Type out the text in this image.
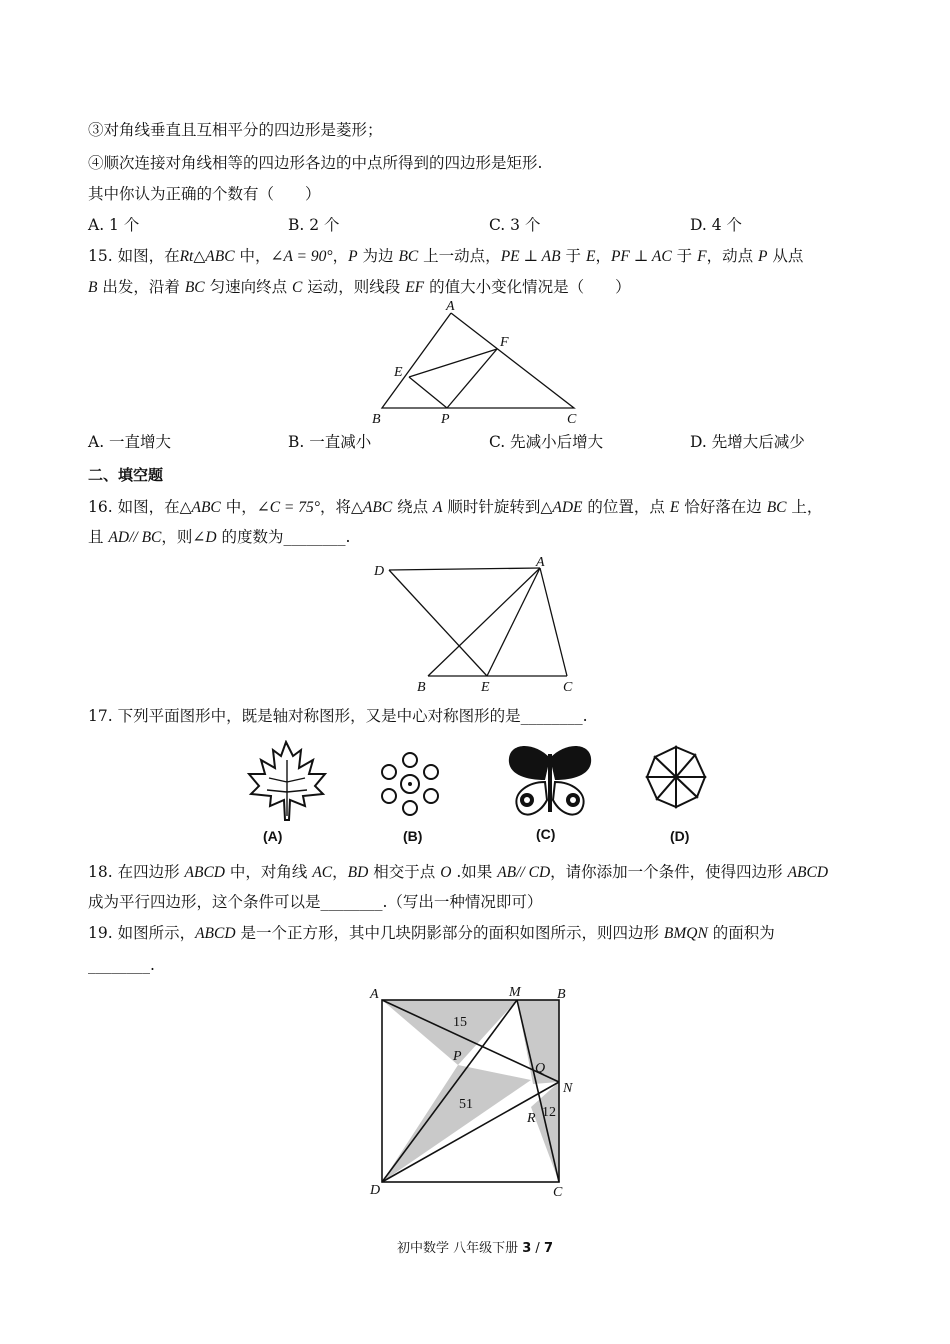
③对角线垂直且互相平分的四边形是菱形；
④顺次连接对角线相等的四边形各边的中点所得到的四边形是矩形.
其中你认为正确的个数有（　　）
A. 1 个	B. 2 个	C. 3 个	D. 4 个
15. 如图，在Rt△ABC 中，∠A = 90°，P 为边 BC 上一动点，PE ⊥ AB 于 E，PF ⊥ AC 于 F，动点 P 从点
B 出发，沿着 BC 匀速向终点 C 运动，则线段 EF 的值大小变化情况是（　　）
A
F
E
B	P	C
A. 一直增大	B. 一直减小	C. 先减小后增大	D. 先增大后减少
二、填空题
16. 如图，在△ABC 中，∠C = 75°，将△ABC 绕点 A 顺时针旋转到△ADE 的位置，点 E 恰好落在边 BC 上，
且 AD// BC，则∠D 的度数为________.
D
A
B	E	C
17. 下列平面图形中，既是轴对称图形，又是中心对称图形的是________.
(A)	(B)	(C)	(D)
18. 在四边形 ABCD 中，对角线 AC，BD 相交于点 O .如果 AB// CD，请你添加一个条件，使得四边形 ABCD
成为平行四边形，这个条件可以是________.（写出一种情况即可）
19. 如图所示，ABCD 是一个正方形，其中几块阴影部分的面积如图所示，则四边形 BMQN 的面积为
________.
A	M	B
P
Q
N
R
D	C
15
51
12
初中数学 八年级下册 3 / 7
